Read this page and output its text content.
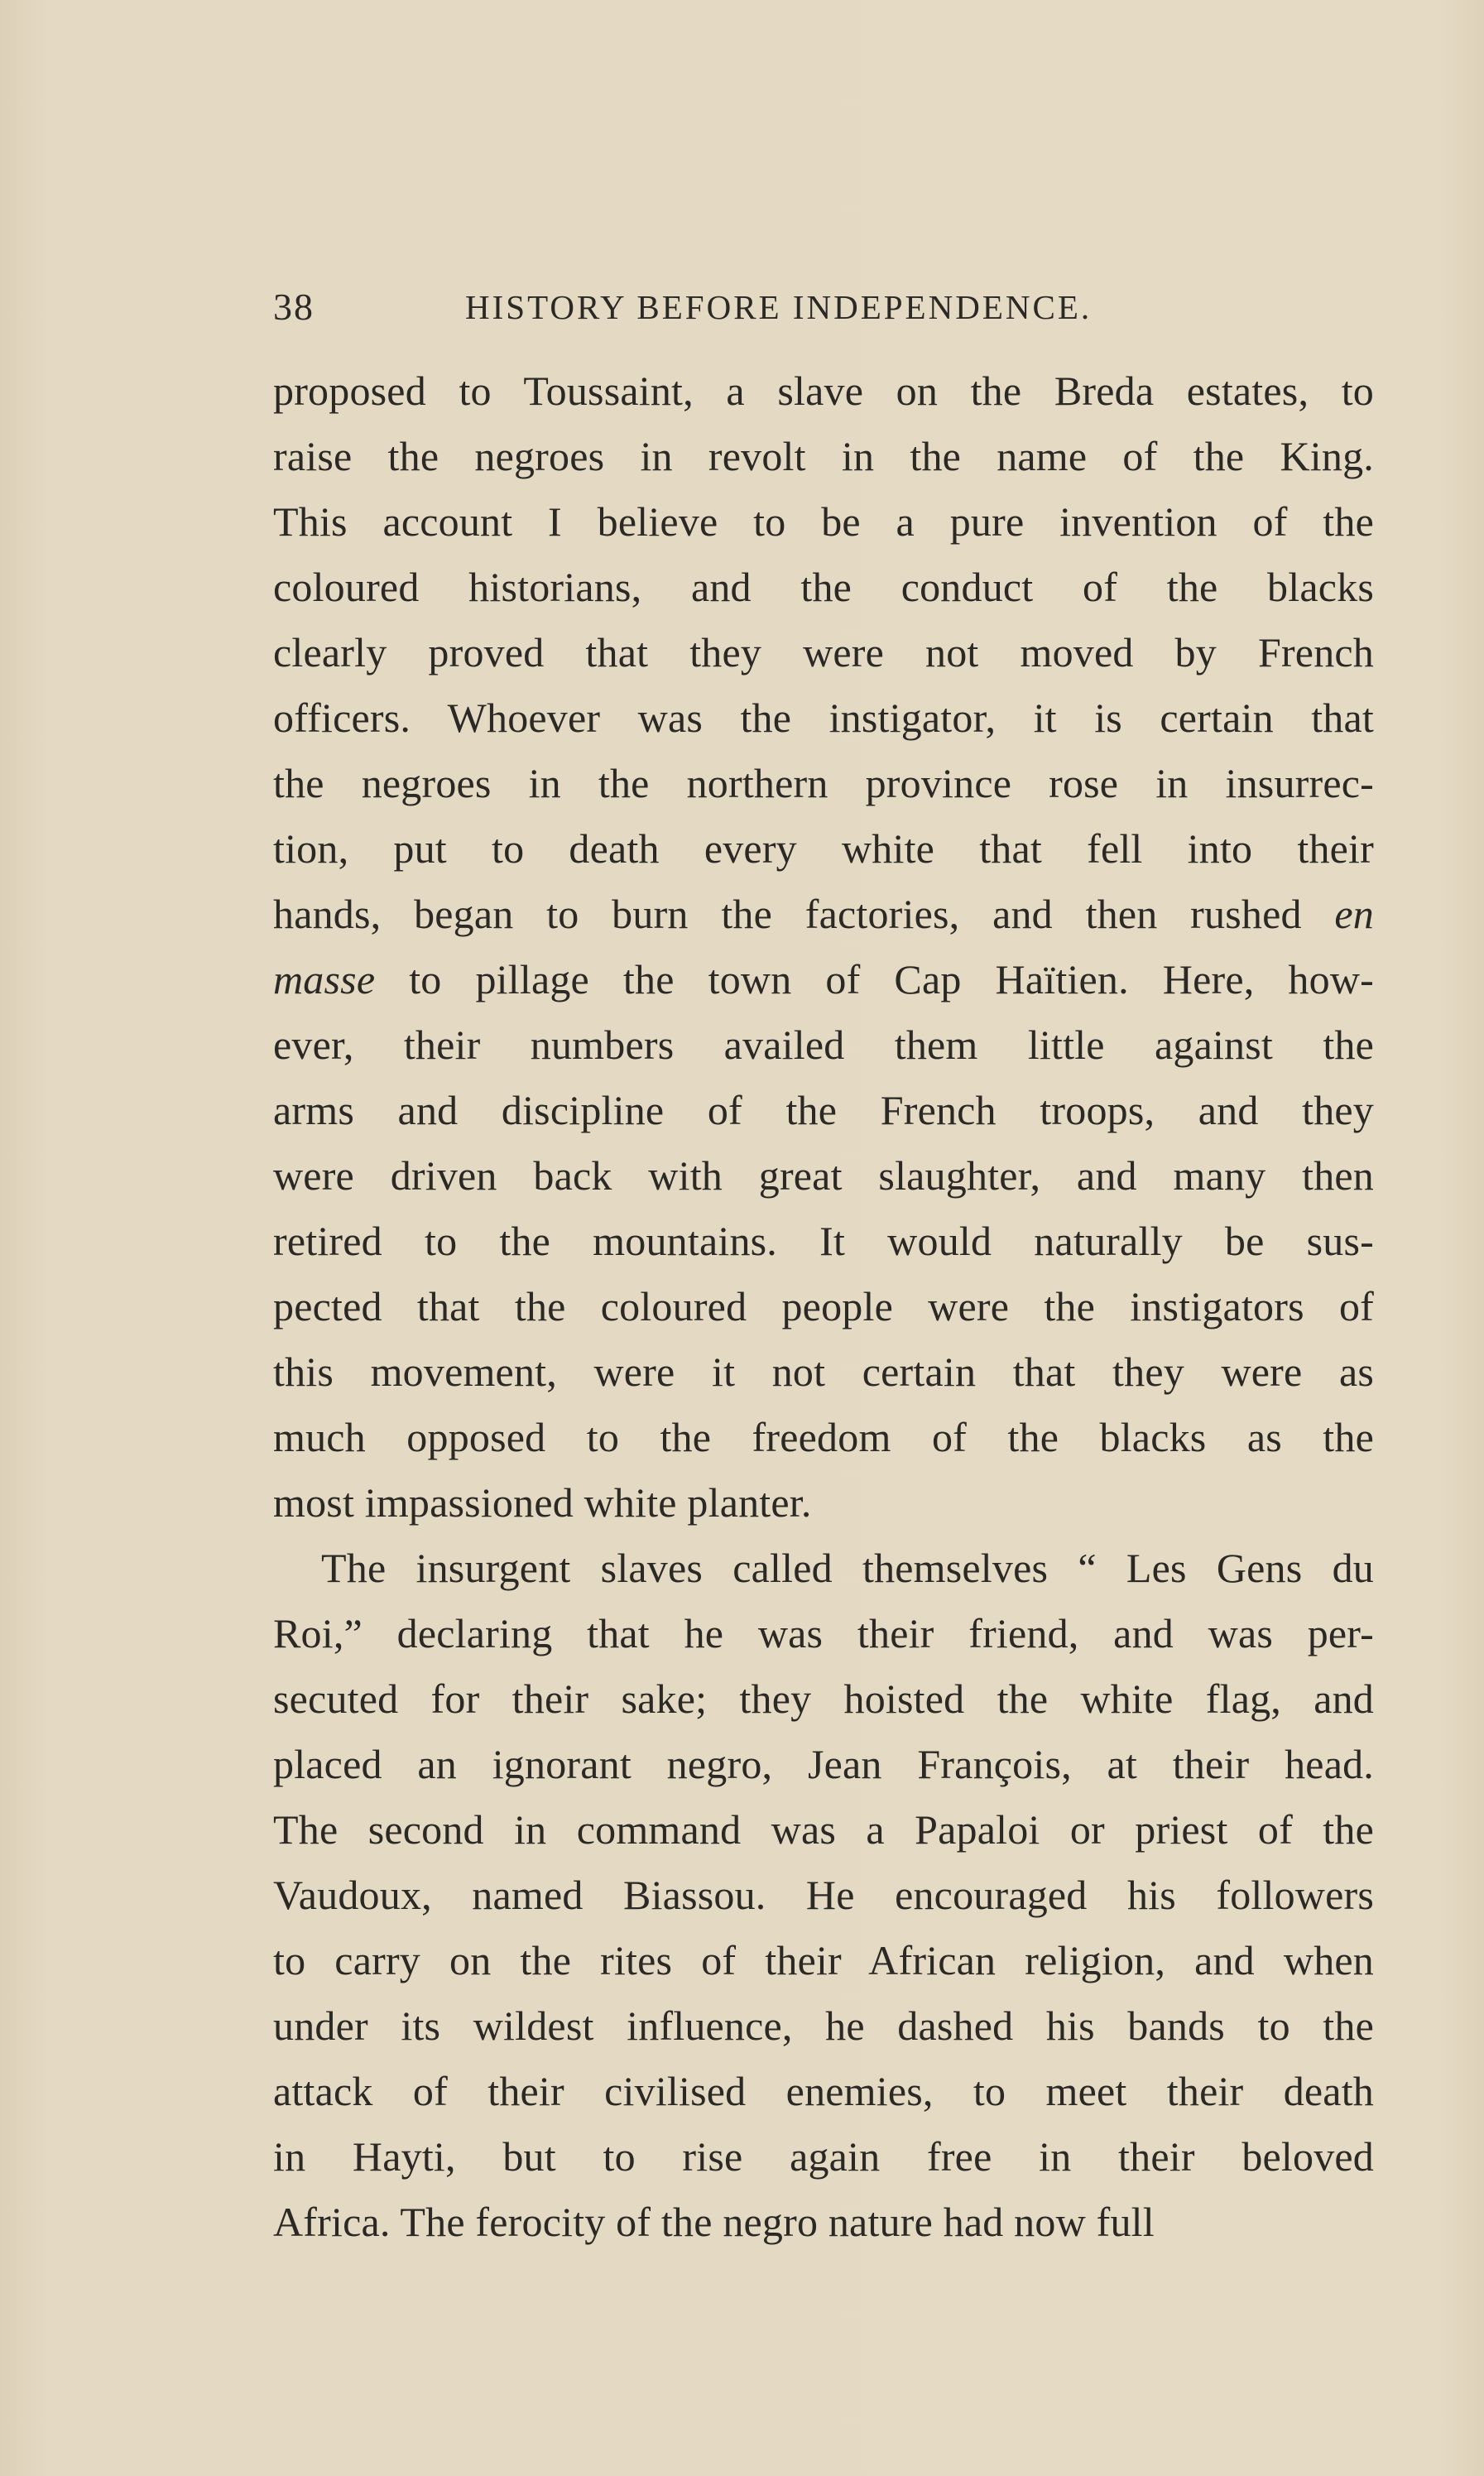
38	HISTORY BEFORE INDEPENDENCE.
proposed to Toussaint, a slave on the Breda estates, to
raise the negroes in revolt in the name of the King.
This account I believe to be a pure invention of the
coloured historians, and the conduct of the blacks
clearly proved that they were not moved by French
officers. Whoever was the instigator, it is certain that
the negroes in the northern province rose in insurrec-
tion, put to death every white that fell into their
hands, began to burn the factories, and then rushed en
masse to pillage the town of Cap Haïtien. Here, how-
ever, their numbers availed them little against the
arms and discipline of the French troops, and they
were driven back with great slaughter, and many then
retired to the mountains. It would naturally be sus-
pected that the coloured people were the instigators of
this movement, were it not certain that they were as
much opposed to the freedom of the blacks as the
most impassioned white planter.
The insurgent slaves called themselves “ Les Gens du
Roi,” declaring that he was their friend, and was per-
secuted for their sake; they hoisted the white flag, and
placed an ignorant negro, Jean François, at their head.
The second in command was a Papaloi or priest of the
Vaudoux, named Biassou. He encouraged his followers
to carry on the rites of their African religion, and when
under its wildest influence, he dashed his bands to the
attack of their civilised enemies, to meet their death
in Hayti, but to rise again free in their beloved
Africa. The ferocity of the negro nature had now full
